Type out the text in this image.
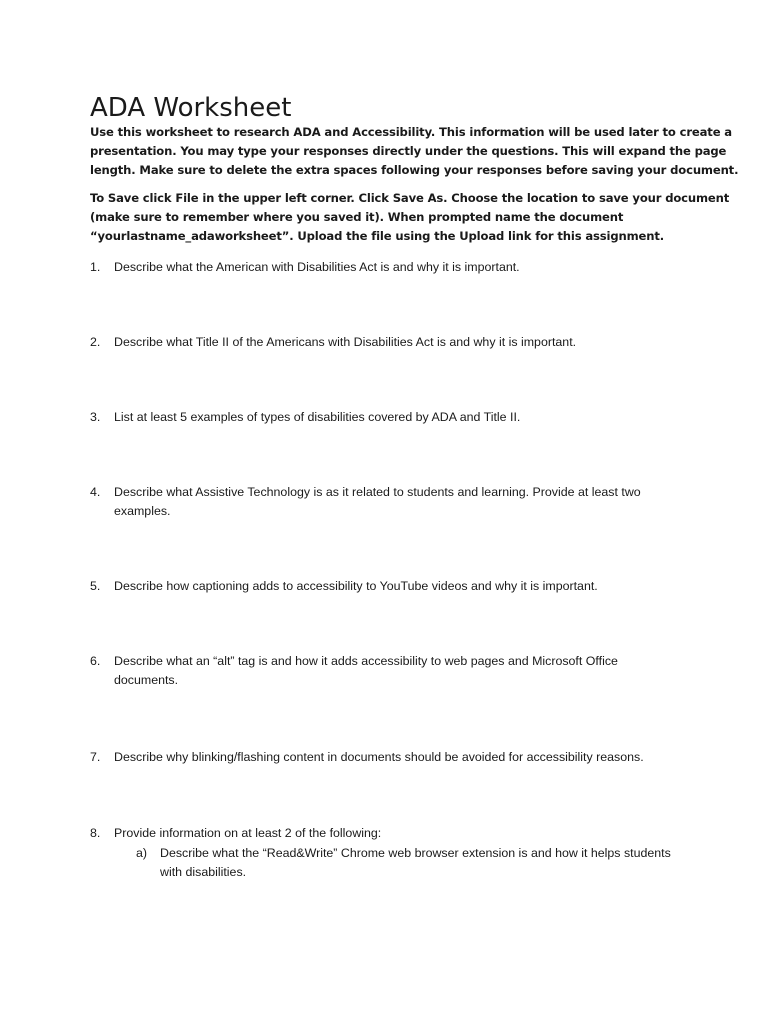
ADA Worksheet

Use this worksheet to research ADA and Accessibility. This information will be used later to create a
presentation. You may type your responses directly under the questions. This will expand the page
length. Make sure to delete the extra spaces following your responses before saving your document.

To Save click File in the upper left corner. Click Save As. Choose the location to save your document
(make sure to remember where you saved it). When prompted name the document
“yourlastname_adaworksheet”. Upload the file using the Upload link for this assignment.

1.	Describe what the American with Disabilities Act is and why it is important.
2.	Describe what Title II of the Americans with Disabilities Act is and why it is important.
3.	List at least 5 examples of types of disabilities covered by ADA and Title II.
4.	Describe what Assistive Technology is as it related to students and learning. Provide at least two
examples.
5.	Describe how captioning adds to accessibility to YouTube videos and why it is important.
6.	Describe what an “alt” tag is and how it adds accessibility to web pages and Microsoft Office
documents.
7.	Describe why blinking/flashing content in documents should be avoided for accessibility reasons.
8.	Provide information on at least 2 of the following:
a) Describe what the “Read&Write” Chrome web browser extension is and how it helps students
with disabilities.
